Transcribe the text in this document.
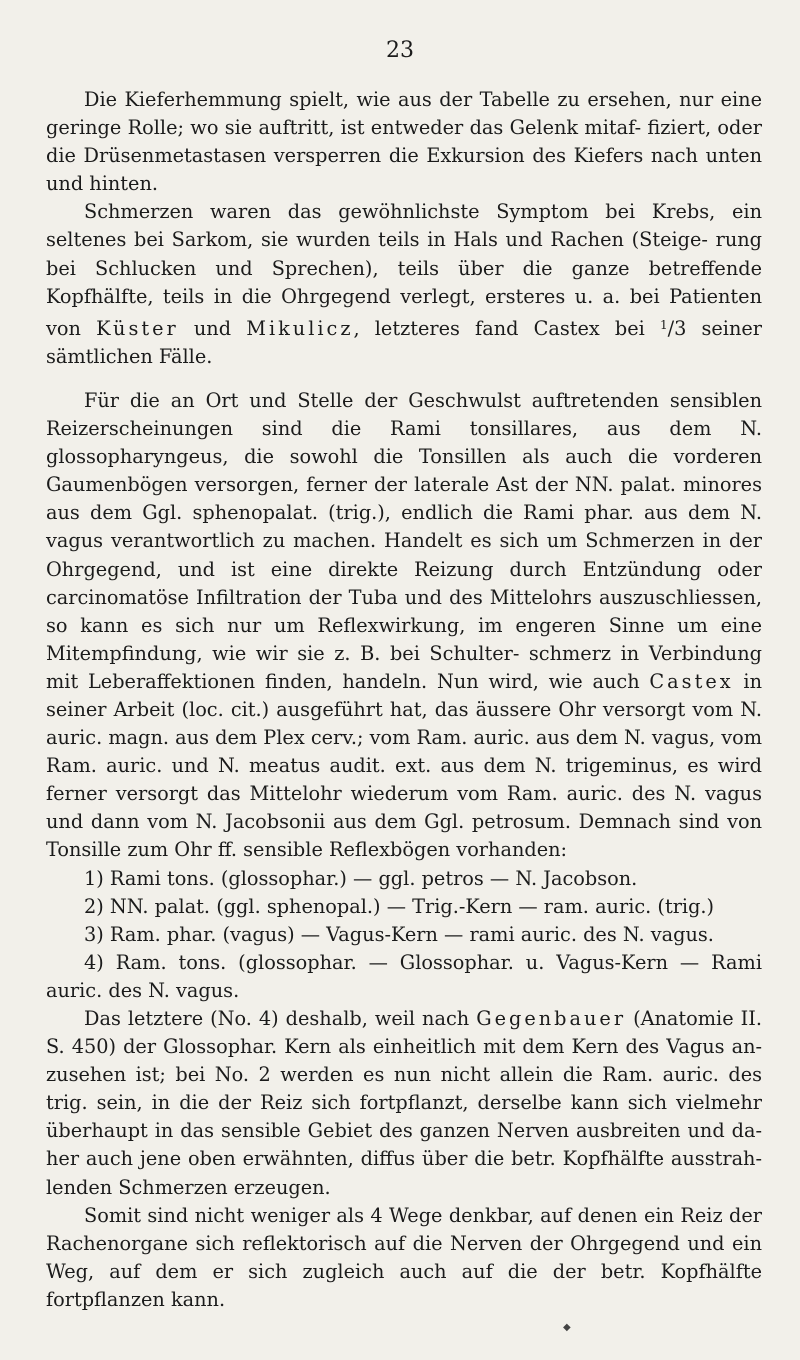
23

Die Kieferhemmung spielt, wie aus der Tabelle zu ersehen, nur eine geringe Rolle; wo sie auftritt, ist entweder das Gelenk mitaf- fiziert, oder die Drüsenmetastasen versperren die Exkursion des Kiefers nach unten und hinten.

Schmerzen waren das gewöhnlichste Symptom bei Krebs, ein seltenes bei Sarkom, sie wurden teils in Hals und Rachen (Steige- rung bei Schlucken und Sprechen), teils über die ganze betreffende Kopfhälfte, teils in die Ohrgegend verlegt, ersteres u. a. bei Patienten von Küster und Mikulicz, letzteres fand Castex bei $^1$/3 seiner sämtlichen Fälle.

Für die an Ort und Stelle der Geschwulst auftretenden sensiblen Reizerscheinungen sind die Rami tonsillares, aus dem N. glossopharyngeus, die sowohl die Tonsillen als auch die vorderen Gaumenbögen versorgen, ferner der laterale Ast der NN. palat. minores aus dem Ggl. sphenopalat. (trig.), endlich die Rami phar. aus dem N. vagus verantwortlich zu machen. Handelt es sich um Schmerzen in der Ohrgegend, und ist eine direkte Reizung durch Entzündung oder carcinomatöse Infiltration der Tuba und des Mittelohrs auszuschliessen, so kann es sich nur um Reflexwirkung, im engeren Sinne um eine Mitempfindung, wie wir sie z. B. bei Schulter- schmerz in Verbindung mit Leberaffektionen finden, handeln. Nun wird, wie auch Castex in seiner Arbeit (loc. cit.) ausgeführt hat, das äussere Ohr versorgt vom N. auric. magn. aus dem Plex cerv.; vom Ram. auric. aus dem N. vagus, vom Ram. auric. und N. meatus audit. ext. aus dem N. trigeminus, es wird ferner versorgt das Mittelohr wiederum vom Ram. auric. des N. vagus und dann vom N. Jacobsonii aus dem Ggl. petrosum. Demnach sind von Tonsille zum Ohr ff. sensible Reflexbögen vorhanden:

1) Rami tons. (glossophar.) — ggl. petros — N. Jacobson.

2) NN. palat. (ggl. sphenopal.) — Trig.-Kern — ram. auric. (trig.)

3) Ram. phar. (vagus) — Vagus-Kern — rami auric. des N. vagus.

4) Ram. tons. (glossophar. — Glossophar. u. Vagus-Kern — Rami auric. des N. vagus.

Das letztere (No. 4) deshalb, weil nach Gegenbauer (Anatomie II. S. 450) der Glossophar. Kern als einheitlich mit dem Kern des Vagus an- zusehen ist; bei No. 2 werden es nun nicht allein die Ram. auric. des trig. sein, in die der Reiz sich fortpflanzt, derselbe kann sich vielmehr überhaupt in das sensible Gebiet des ganzen Nerven ausbreiten und da- her auch jene oben erwähnten, diffus über die betr. Kopfhälfte ausstrah- lenden Schmerzen erzeugen.

Somit sind nicht weniger als 4 Wege denkbar, auf denen ein Reiz der Rachenorgane sich reflektorisch auf die Nerven der Ohrgegend und ein Weg, auf dem er sich zugleich auch auf die der betr. Kopfhälfte fortpflanzen kann.

◆
